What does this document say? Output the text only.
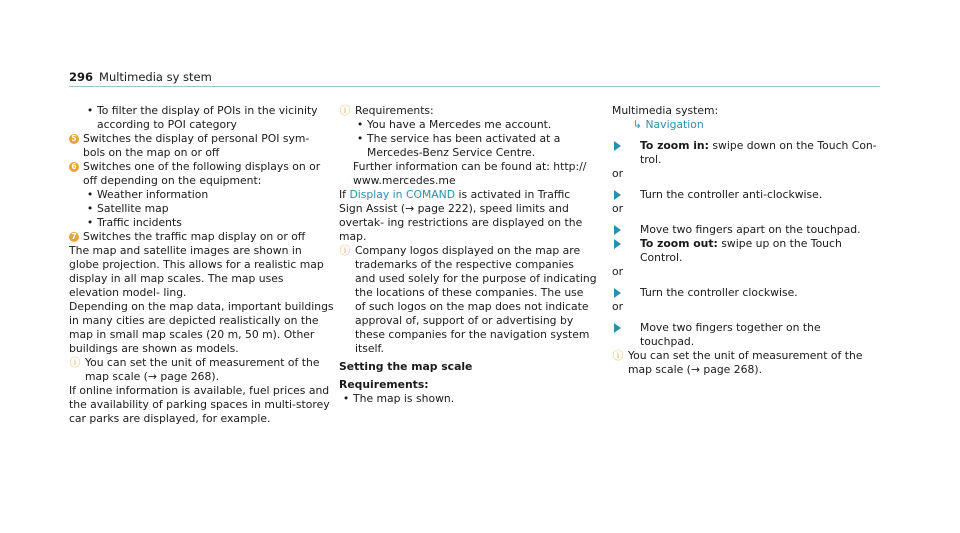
296 Multimedia sy stem
• To filter the display of POIs in the vicinity according to POI category
5 Switches the display of personal POI sym‑ bols on the map on or off
6 Switches one of the following displays on or off depending on the equipment:
• Weather information
• Satellite map
• Traffic incidents
7 Switches the traffic map display on or off

The map and satellite images are shown in globe projection. This allows for a realistic map display in all map scales. The map uses elevation model‑ ling.

Depending on the map data, important buildings in many cities are depicted realistically on the map in small map scales (20 m, 50 m). Other buildings are shown as models.

ⓘ You can set the unit of measurement of the map scale (→ page 268).

If online information is available, fuel prices and the availability of parking spaces in multi-storey car parks are displayed, for example.

ⓘ Requirements:
• You have a Mercedes me account.
• The service has been activated at a Mercedes-Benz Service Centre.

Further information can be found at: http:// www.mercedes.me

If Display in COMAND is activated in Traffic Sign Assist (→ page 222), speed limits and overtak‑ ing restrictions are displayed on the map.

ⓘ Company logos displayed on the map are trademarks of the respective companies and used solely for the purpose of indicating the locations of these companies. The use of such logos on the map does not indicate approval of, support of or advertising by these companies for the navigation system itself.

Setting the map scale

Requirements:

• The map is shown.

Multimedia system:

↳ Navigation

To zoom in: swipe down on the Touch Con‑ trol.

or

Turn the controller anti-clockwise.

or

Move two fingers apart on the touchpad.
To zoom out: swipe up on the Touch Control.

or

Turn the controller clockwise.

or

Move two fingers together on the touchpad.
ⓘ You can set the unit of measurement of the map scale (→ page 268).
